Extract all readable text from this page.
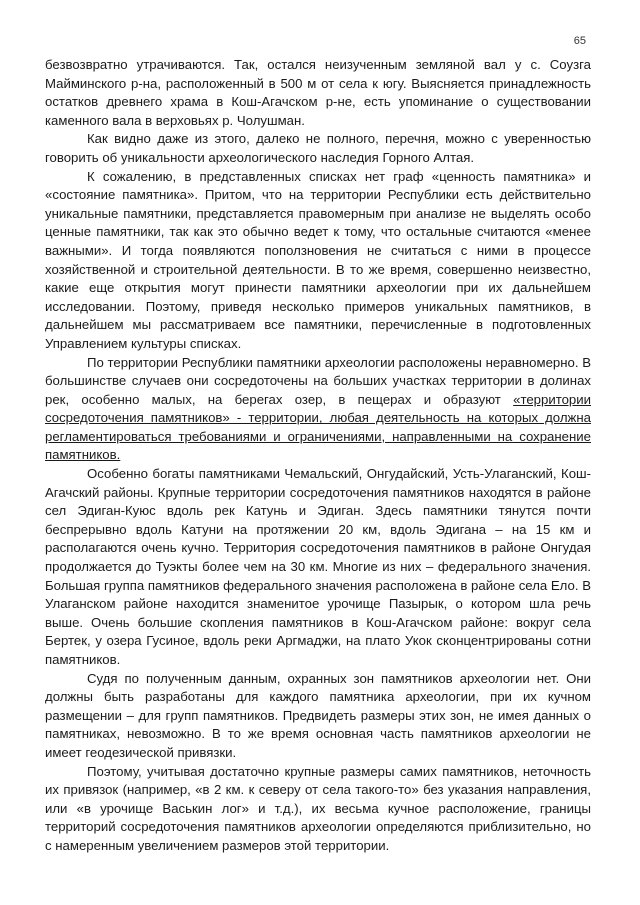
65

безвозвратно утрачиваются. Так, остался неизученным земляной вал у с. Соузга Майминского р-на, расположенный в 500 м от села к югу. Выясняется принадлежность остатков древнего храма в Кош-Агачском р-не, есть упоминание о существовании каменного вала в верховьях р. Чолушман.

Как видно даже из этого, далеко не полного, перечня, можно с уверенностью говорить об уникальности археологического наследия Горного Алтая.

К сожалению, в представленных списках нет граф «ценность памятника» и «состояние памятника». Притом, что на территории Республики есть действительно уникальные памятники, представляется правомерным при анализе не выделять особо ценные памятники, так как это обычно ведет к тому, что остальные считаются «менее важными». И тогда появляются поползновения не считаться с ними в процессе хозяйственной и строительной деятельности. В то же время, совершенно неизвестно, какие еще открытия могут принести памятники археологии при их дальнейшем исследовании. Поэтому, приведя несколько примеров уникальных памятников, в дальнейшем мы рассматриваем все памятники, перечисленные в подготовленных Управлением культуры списках.

По территории Республики памятники археологии расположены неравномерно. В большинстве случаев они сосредоточены на больших участках территории в долинах рек, особенно малых, на берегах озер, в пещерах и образуют «территории сосредоточения памятников» - территории, любая деятельность на которых должна регламентироваться требованиями и ограничениями, направленными на сохранение памятников.

Особенно богаты памятниками Чемальский, Онгудайский, Усть-Улаганский, Кош-Агачский районы. Крупные территории сосредоточения памятников находятся в районе сел Эдиган-Куюс вдоль рек Катунь и Эдиган. Здесь памятники тянутся почти беспрерывно вдоль Катуни на протяжении 20 км, вдоль Эдигана – на 15 км и располагаются очень кучно. Территория сосредоточения памятников в районе Онгудая продолжается до Туэкты более чем на 30 км. Многие из них – федерального значения. Большая группа памятников федерального значения расположена в районе села Ело. В Улаганском районе находится знаменитое урочище Пазырык, о котором шла речь выше. Очень большие скопления памятников в Кош-Агачском районе: вокруг села Бертек, у озера Гусиное, вдоль реки Аргмаджи, на плато Укок сконцентрированы сотни памятников.

Судя по полученным данным, охранных зон памятников археологии нет. Они должны быть разработаны для каждого памятника археологии, при их кучном размещении – для групп памятников. Предвидеть размеры этих зон, не имея данных о памятниках, невозможно. В то же время основная часть памятников археологии не имеет геодезической привязки.

Поэтому, учитывая достаточно крупные размеры самих памятников, неточность их привязок (например, «в 2 км. к северу от села такого-то» без указания направления, или «в урочище Васькин лог» и т.д.), их весьма кучное расположение, границы территорий сосредоточения памятников археологии определяются приблизительно, но с намеренным увеличением размеров этой территории.
